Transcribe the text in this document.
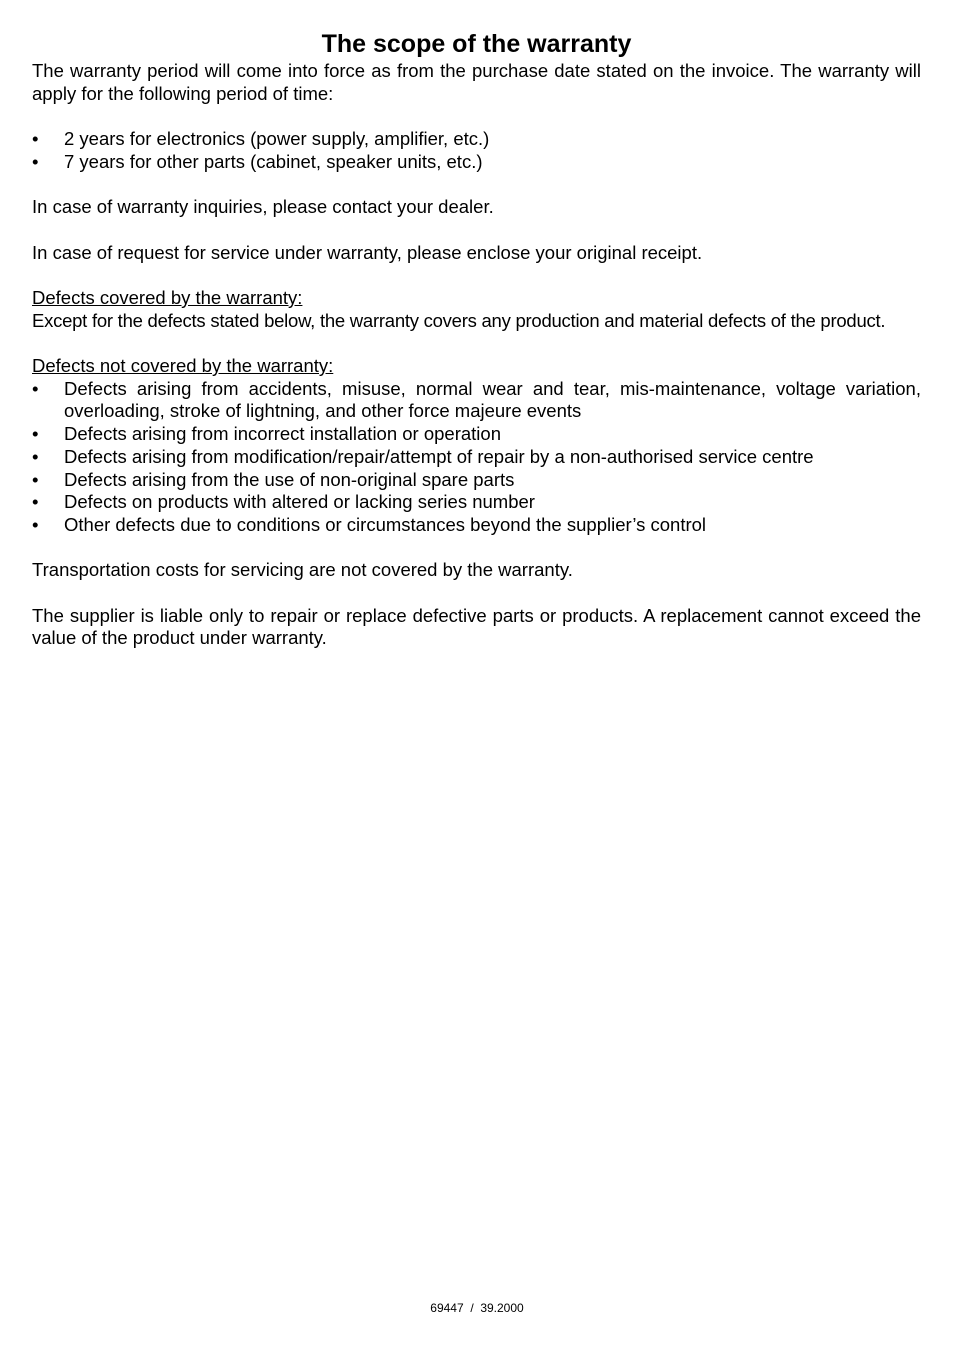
The scope of the warranty

The warranty period will come into force as from the purchase date stated on the invoice. The warranty will apply for the following period of time:

• 2 years for electronics (power supply, amplifier, etc.)
• 7 years for other parts (cabinet, speaker units, etc.)

In case of warranty inquiries, please contact your dealer.

In case of request for service under warranty, please enclose your original receipt.

Defects covered by the warranty:

Except for the defects stated below, the warranty covers any production and material defects of the product.

Defects not covered by the warranty:

• Defects arising from accidents, misuse, normal wear and tear, mis-maintenance, voltage variation, overloading, stroke of lightning, and other force majeure events
• Defects arising from incorrect installation or operation
• Defects arising from modification/repair/attempt of repair by a non-authorised service centre
• Defects arising from the use of non-original spare parts
• Defects on products with altered or lacking series number
• Other defects due to conditions or circumstances beyond the supplier’s control

Transportation costs for servicing are not covered by the warranty.

The supplier is liable only to repair or replace defective parts or products. A replacement cannot exceed the value of the product under warranty.

69447  /  39.2000
